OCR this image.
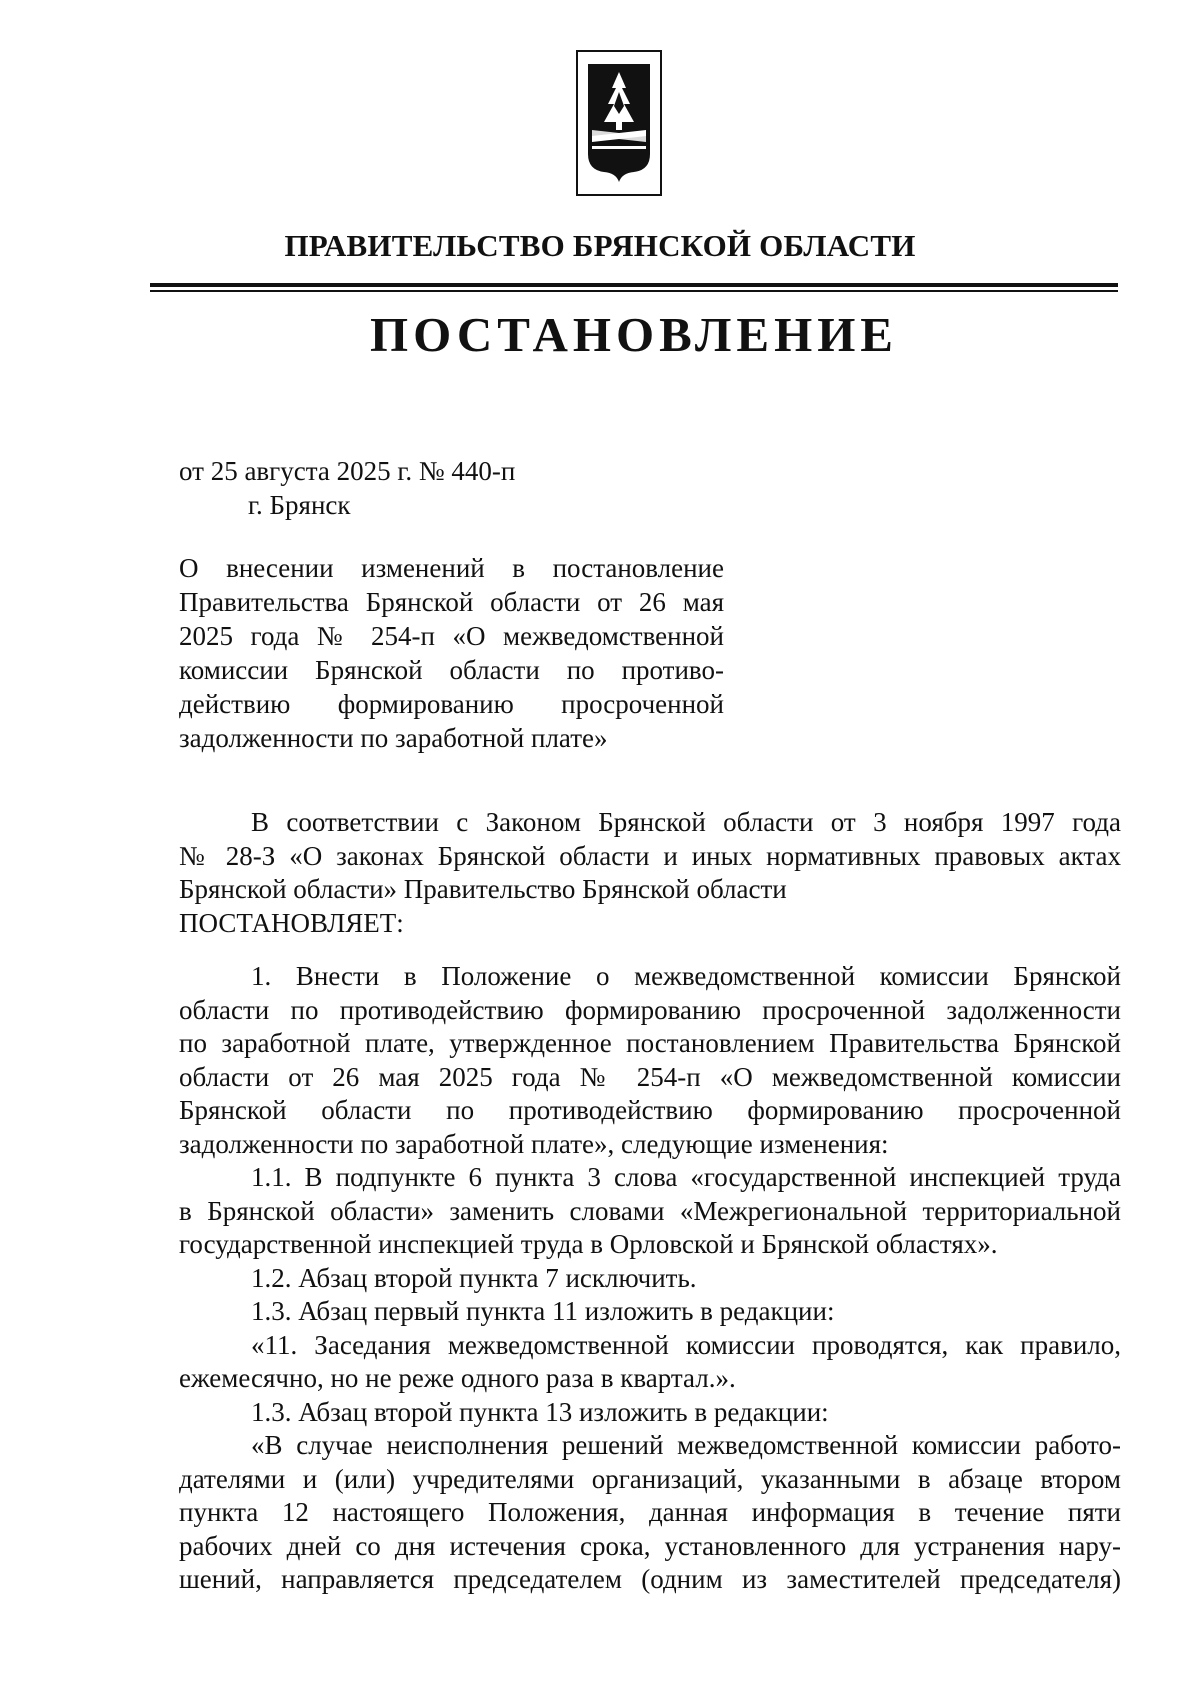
ПРАВИТЕЛЬСТВО БРЯНСКОЙ ОБЛАСТИ
ПОСТАНОВЛЕНИЕ
от 25 августа 2025 г. № 440-п
г. Брянск
О внесении изменений в постановление
Правительства Брянской области от 26 мая
2025 года № 254-п «О межведомственной
комиссии Брянской области по противо-
действию формированию просроченной
задолженности по заработной плате»

В соответствии с Законом Брянской области от 3 ноября 1997 года
№ 28-З «О законах Брянской области и иных нормативных правовых актах
Брянской области» Правительство Брянской области
ПОСТАНОВЛЯЕТ:

1. Внести в Положение о межведомственной комиссии Брянской
области по противодействию формированию просроченной задолженности
по заработной плате, утвержденное постановлением Правительства Брянской
области от 26 мая 2025 года № 254-п «О межведомственной комиссии
Брянской области по противодействию формированию просроченной
задолженности по заработной плате», следующие изменения:

1.1. В подпункте 6 пункта 3 слова «государственной инспекцией труда
в Брянской области» заменить словами «Межрегиональной территориальной
государственной инспекцией труда в Орловской и Брянской областях».

1.2. Абзац второй пункта 7 исключить.

1.3. Абзац первый пункта 11 изложить в редакции:

«11. Заседания межведомственной комиссии проводятся, как правило,
ежемесячно, но не реже одного раза в квартал.».

1.3. Абзац второй пункта 13 изложить в редакции:

«В случае неисполнения решений межведомственной комиссии работо-
дателями и (или) учредителями организаций, указанными в абзаце втором
пункта 12 настоящего Положения, данная информация в течение пяти
рабочих дней со дня истечения срока, установленного для устранения нару-
шений, направляется председателем (одним из заместителей председателя)
